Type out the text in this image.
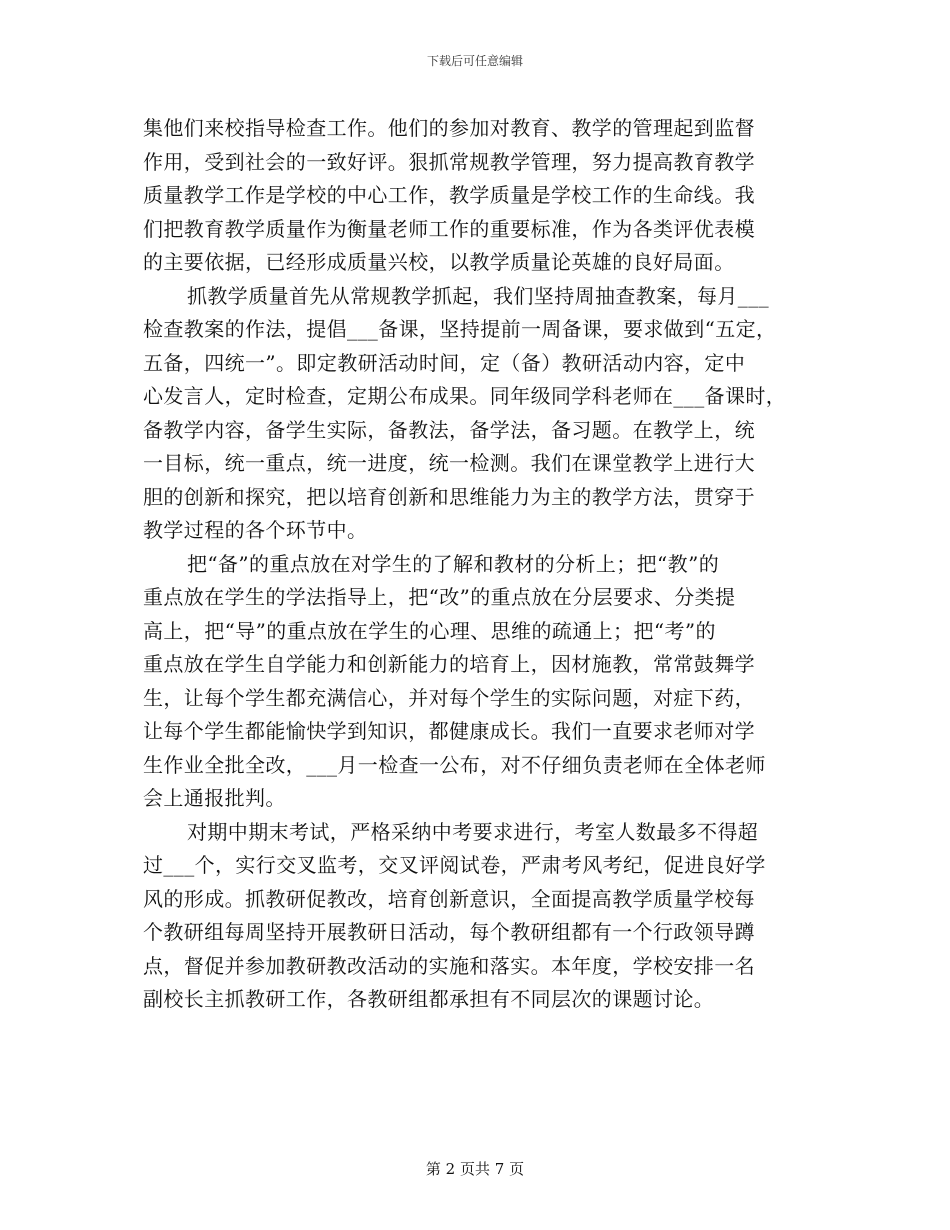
下载后可任意编辑
集他们来校指导检查工作。他们的参加对教育、教学的管理起到监督
作用，受到社会的一致好评。狠抓常规教学管理，努力提高教育教学
质量教学工作是学校的中心工作，教学质量是学校工作的生命线。我
们把教育教学质量作为衡量老师工作的重要标准，作为各类评优表模
的主要依据，已经形成质量兴校，以教学质量论英雄的良好局面。
抓教学质量首先从常规教学抓起，我们坚持周抽查教案，每月___
检查教案的作法，提倡___备课，坚持提前一周备课，要求做到“五定，
五备，四统一”。即定教研活动时间，定（备）教研活动内容，定中
心发言人，定时检查，定期公布成果。同年级同学科老师在___备课时，
备教学内容，备学生实际，备教法，备学法，备习题。在教学上，统
一目标，统一重点，统一进度，统一检测。我们在课堂教学上进行大
胆的创新和探究，把以培育创新和思维能力为主的教学方法，贯穿于
教学过程的各个环节中。
把“备”的重点放在对学生的了解和教材的分析上；把“教”的
重点放在学生的学法指导上，把“改”的重点放在分层要求、分类提
高上，把“导”的重点放在学生的心理、思维的疏通上；把“考”的
重点放在学生自学能力和创新能力的培育上，因材施教，常常鼓舞学
生，让每个学生都充满信心，并对每个学生的实际问题，对症下药，
让每个学生都能愉快学到知识，都健康成长。我们一直要求老师对学
生作业全批全改，___月一检查一公布，对不仔细负责老师在全体老师
会上通报批判。
对期中期末考试，严格采纳中考要求进行，考室人数最多不得超
过___个，实行交叉监考，交叉评阅试卷，严肃考风考纪，促进良好学
风的形成。抓教研促教改，培育创新意识，全面提高教学质量学校每
个教研组每周坚持开展教研日活动，每个教研组都有一个行政领导蹲
点，督促并参加教研教改活动的实施和落实。本年度，学校安排一名
副校长主抓教研工作，各教研组都承担有不同层次的课题讨论。
第 2 页共 7 页
